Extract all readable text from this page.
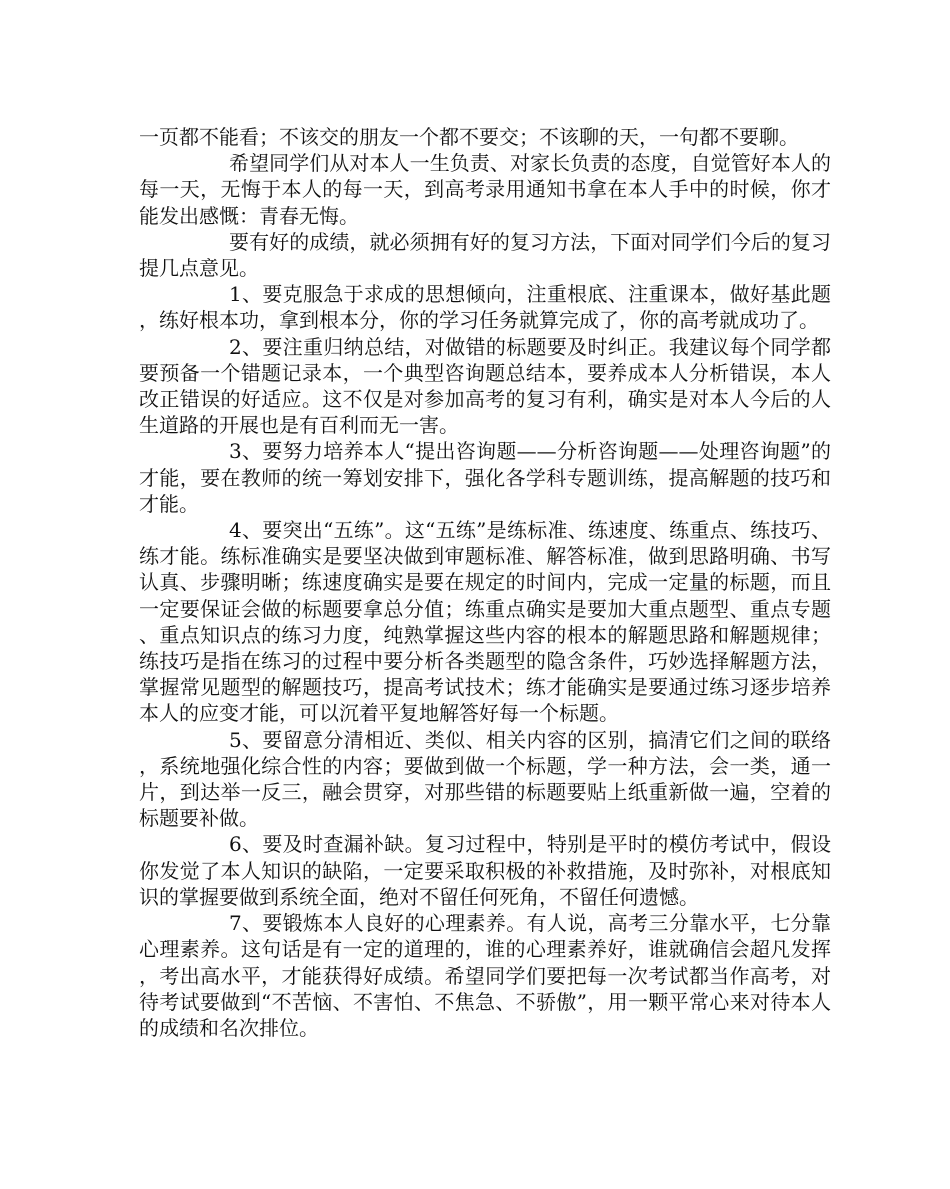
一页都不能看；不该交的朋友一个都不要交；不该聊的天，一句都不要聊。

希望同学们从对本人一生负责、对家长负责的态度，自觉管好本人的每一天，无悔于本人的每一天，到高考录用通知书拿在本人手中的时候，你才能发出感慨：青春无悔。

要有好的成绩，就必须拥有好的复习方法，下面对同学们今后的复习提几点意见。

1、要克服急于求成的思想倾向，注重根底、注重课本，做好基此题，练好根本功，拿到根本分，你的学习任务就算完成了，你的高考就成功了。

2、要注重归纳总结，对做错的标题要及时纠正。我建议每个同学都要预备一个错题记录本，一个典型咨询题总结本，要养成本人分析错误，本人改正错误的好适应。这不仅是对参加高考的复习有利，确实是对本人今后的人生道路的开展也是有百利而无一害。

3、要努力培养本人“提出咨询题——分析咨询题——处理咨询题”的才能，要在教师的统一筹划安排下，强化各学科专题训练，提高解题的技巧和才能。

4、要突出“五练”。这“五练”是练标准、练速度、练重点、练技巧、练才能。练标准确实是要坚决做到审题标准、解答标准，做到思路明确、书写认真、步骤明晰；练速度确实是要在规定的时间内，完成一定量的标题，而且一定要保证会做的标题要拿总分值；练重点确实是要加大重点题型、重点专题、重点知识点的练习力度，纯熟掌握这些内容的根本的解题思路和解题规律；练技巧是指在练习的过程中要分析各类题型的隐含条件，巧妙选择解题方法，掌握常见题型的解题技巧，提高考试技术；练才能确实是要通过练习逐步培养本人的应变才能，可以沉着平复地解答好每一个标题。

5、要留意分清相近、类似、相关内容的区别，搞清它们之间的联络，系统地强化综合性的内容；要做到做一个标题，学一种方法，会一类，通一片，到达举一反三，融会贯穿，对那些错的标题要贴上纸重新做一遍，空着的标题要补做。

6、要及时查漏补缺。复习过程中，特别是平时的模仿考试中，假设你发觉了本人知识的缺陷，一定要采取积极的补救措施，及时弥补，对根底知识的掌握要做到系统全面，绝对不留任何死角，不留任何遗憾。

7、要锻炼本人良好的心理素养。有人说，高考三分靠水平，七分靠心理素养。这句话是有一定的道理的，谁的心理素养好，谁就确信会超凡发挥，考出高水平，才能获得好成绩。希望同学们要把每一次考试都当作高考，对待考试要做到“不苦恼、不害怕、不焦急、不骄傲”，用一颗平常心来对待本人的成绩和名次排位。
